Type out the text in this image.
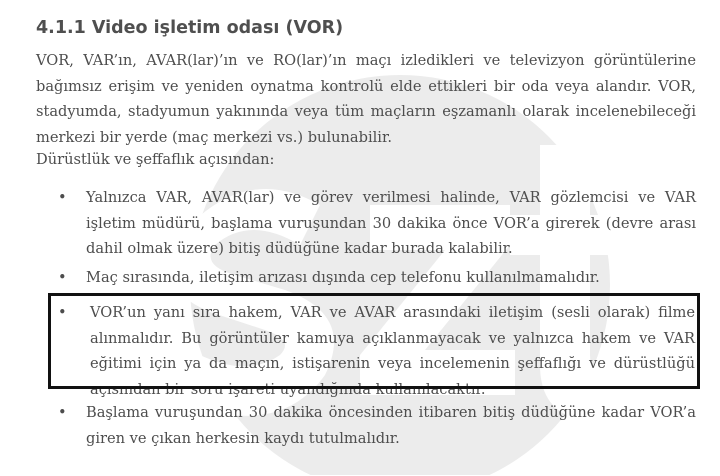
4.1.1 Video işletim odası (VOR)
VOR, VAR’ın, AVAR(lar)’ın ve RO(lar)’ın maçı izledikleri ve televizyon görüntülerine bağımsız erişim ve yeniden oynatma kontrolü elde ettikleri bir oda veya alandır. VOR, stadyumda, stadyumun yakınında veya tüm maçların eşzamanlı olarak incelenebileceği merkezi bir yerde (maç merkezi vs.) bulunabilir.
Dürüstlük ve şeffaflık açısından:
• Yalnızca VAR, AVAR(lar) ve görev verilmesi halinde, VAR gözlemcisi ve VAR işletim müdürü, başlama vuruşundan 30 dakika önce VOR’a girerek (devre arası dahil olmak üzere) bitiş düdüğüne kadar burada kalabilir.
• Maç sırasında, iletişim arızası dışında cep telefonu kullanılmamalıdır.
• VOR’un yanı sıra hakem, VAR ve AVAR arasındaki iletişim (sesli olarak) filme alınmalıdır. Bu görüntüler kamuya açıklanmayacak ve yalnızca hakem ve VAR eğitimi için ya da maçın, istişarenin veya incelemenin şeffaflığı ve dürüstlüğü açısından bir soru işareti uyandığında kullanılacaktır.
• Başlama vuruşundan 30 dakika öncesinden itibaren bitiş düdüğüne kadar VOR’a giren ve çıkan herkesin kaydı tutulmalıdır.
